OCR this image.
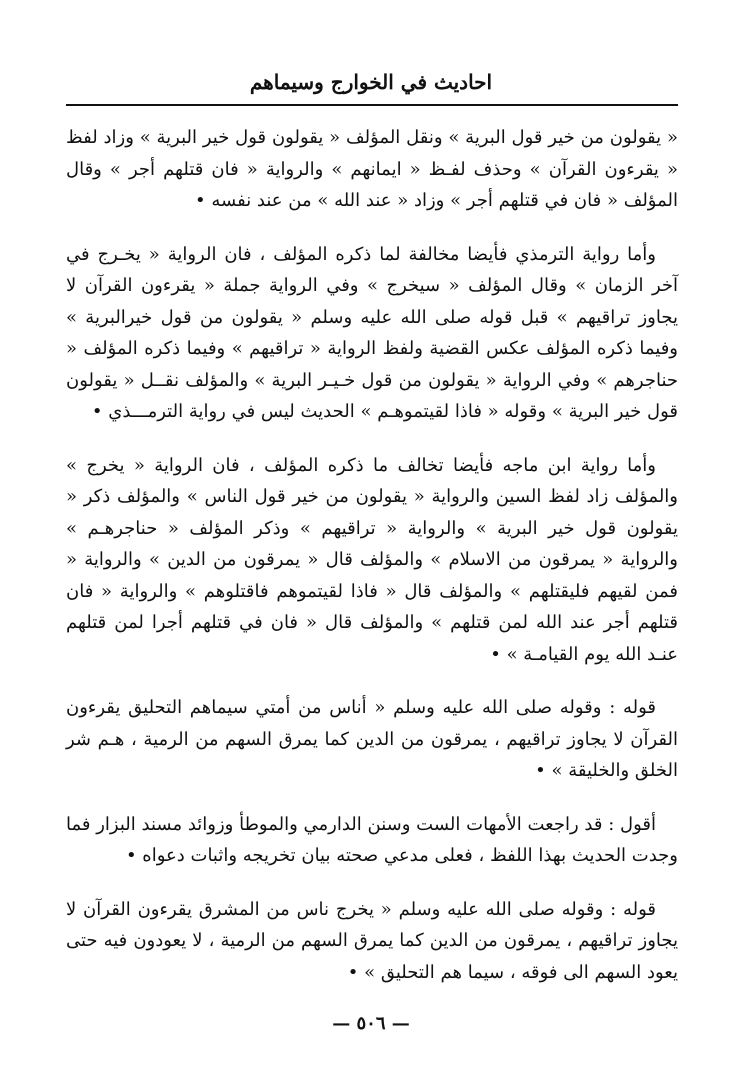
احاديث في الخوارج وسيماهم

« يقولون من خير قول البرية » ونقل المؤلف « يقولون قول خير البرية » وزاد لفظ « يقرءون القرآن » وحذف لفـظ « ايمانهم » والرواية « فان قتلهم أجر » وقال المؤلف « فان في قتلهم أجر » وزاد « عند الله » من عند نفسه •

وأما رواية الترمذي فأيضا مخالفة لما ذكره المؤلف ، فان الرواية « يخـرج في آخر الزمان » وقال المؤلف « سيخرج » وفي الرواية جملة « يقرءون القرآن لا يجاوز تراقيهم » قبل قوله صلى الله عليه وسلم « يقولون من قول خيرالبرية » وفيما ذكره المؤلف عكس القضية ولفظ الرواية « تراقيهم » وفيما ذكره المؤلف « حناجرهم » وفي الرواية « يقولون من قول خـيـر البرية » والمؤلف نقــل « يقولون قول خير البرية » وقوله « فاذا لقيتموهـم » الحديث ليس في رواية الترمـــذي •

وأما رواية ابن ماجه فأيضا تخالف ما ذكره المؤلف ، فان الرواية « يخرج » والمؤلف زاد لفظ السين والرواية « يقولون من خير قول الناس » والمؤلف ذكر « يقولون قول خير البرية » والرواية « تراقيهم » وذكر المؤلف « حناجرهـم » والرواية « يمرقون من الاسلام » والمؤلف قال « يمرقون من الدين » والرواية « فمن لقيهم فليقتلهم » والمؤلف قال « فاذا لقيتموهم فاقتلوهم » والرواية « فان قتلهم أجر عند الله لمن قتلهم » والمؤلف قال « فان في قتلهم أجرا لمن قتلهم عنـد الله يوم القيامـة » •

قوله : وقوله صلى الله عليه وسلم « أناس من أمتي سيماهم التحليق يقرءون القرآن لا يجاوز تراقيهم ، يمرقون من الدين كما يمرق السهم من الرمية ، هـم شر الخلق والخليقة » •

أقول : قد راجعت الأمهات الست وسنن الدارمي والموطأ وزوائد مسند البزار فما وجدت الحديث بهذا اللفظ ، فعلى مدعي صحته بيان تخريجه واثبات دعواه •

قوله : وقوله صلى الله عليه وسلم « يخرج ناس من المشرق يقرءون القرآن لا يجاوز تراقيهم ، يمرقون من الدين كما يمرق السهم من الرمية ، لا يعودون فيه حتى يعود السهم الى فوقه ، سيما هم التحليق » •

— ٥٠٦ —
